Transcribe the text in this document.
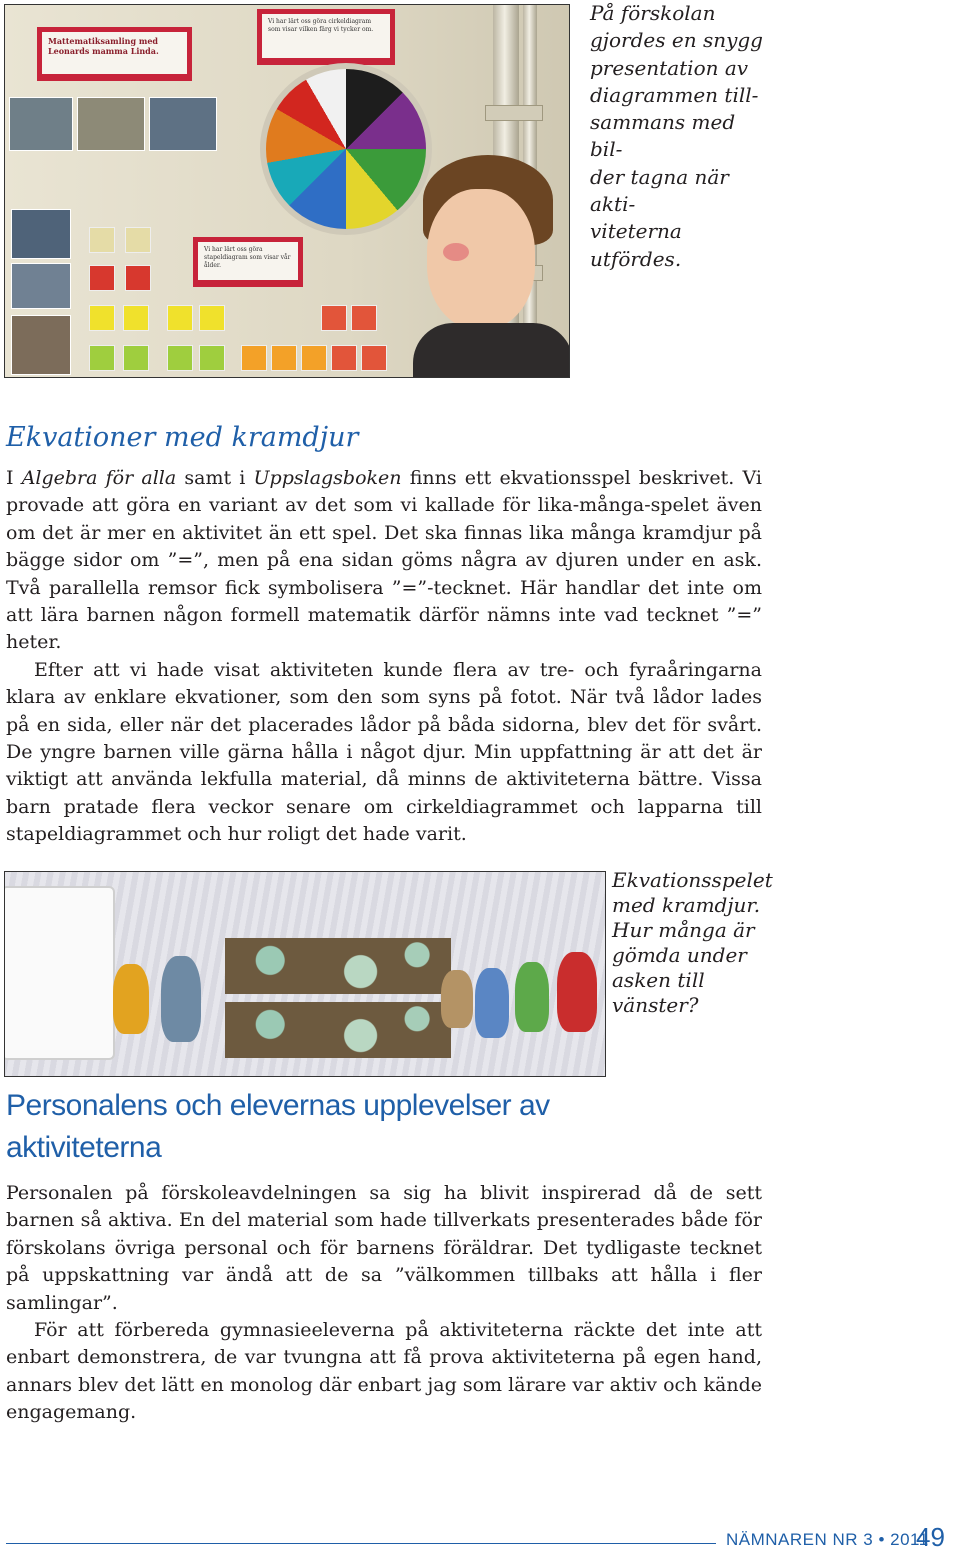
Mattematiksamling med Leonards mamma Linda.
Vi har lärt oss göra cirkeldiagram som visar vilken färg vi tycker om.
Vi har lärt oss göra stapeldiagram som visar vår ålder.
På förskolan
gjordes en snygg
presentation av
diagrammen till-
sammans med bil-
der tagna när akti-
viteterna utfördes.
Ekvationer med kramdjur

I Algebra för alla samt i Uppslagsboken finns ett ekvationsspel beskrivet. Vi provade att göra en variant av det som vi kallade för lika-många-spelet även om det är mer en aktivitet än ett spel. Det ska finnas lika många kramdjur på bägge sidor om ”=”, men på ena sidan göms några av djuren under en ask. Två parallella remsor fick symbolisera ”=”-tecknet. Här handlar det inte om att lära barnen någon formell matematik därför nämns inte vad tecknet ”=” heter.

Efter att vi hade visat aktiviteten kunde flera av tre- och fyraåringarna klara av enklare ekvationer, som den som syns på fotot. När två lådor lades på en sida, eller när det placerades lådor på båda sidorna, blev det för svårt. De yngre barnen ville gärna hålla i något djur. Min uppfattning är att det är viktigt att använda lekfulla material, då minns de aktiviteterna bättre. Vissa barn pratade flera veckor senare om cirkeldiagrammet och lapparna till stapeldiagrammet och hur roligt det hade varit.

Ekvationsspelet
med kramdjur.
Hur många är
gömda under
asken till
vänster?
Personalens och elevernas upplevelser av aktiviteterna

Personalen på förskoleavdelningen sa sig ha blivit inspirerad då de sett barnen så aktiva. En del material som hade tillverkats presenterades både för förskolans övriga personal och för barnens föräldrar. Det tydligaste tecknet på uppskattning var ändå att de sa ”välkommen tillbaks att hålla i fler samlingar”.

För att förbereda gymnasieeleverna på aktiviteterna räckte det inte att enbart demonstrera, de var tvungna att få prova aktiviteterna på egen hand, annars blev det lätt en monolog där enbart jag som lärare var aktiv och kände engagemang.

NÄMNAREN NR 3 • 2011
49
